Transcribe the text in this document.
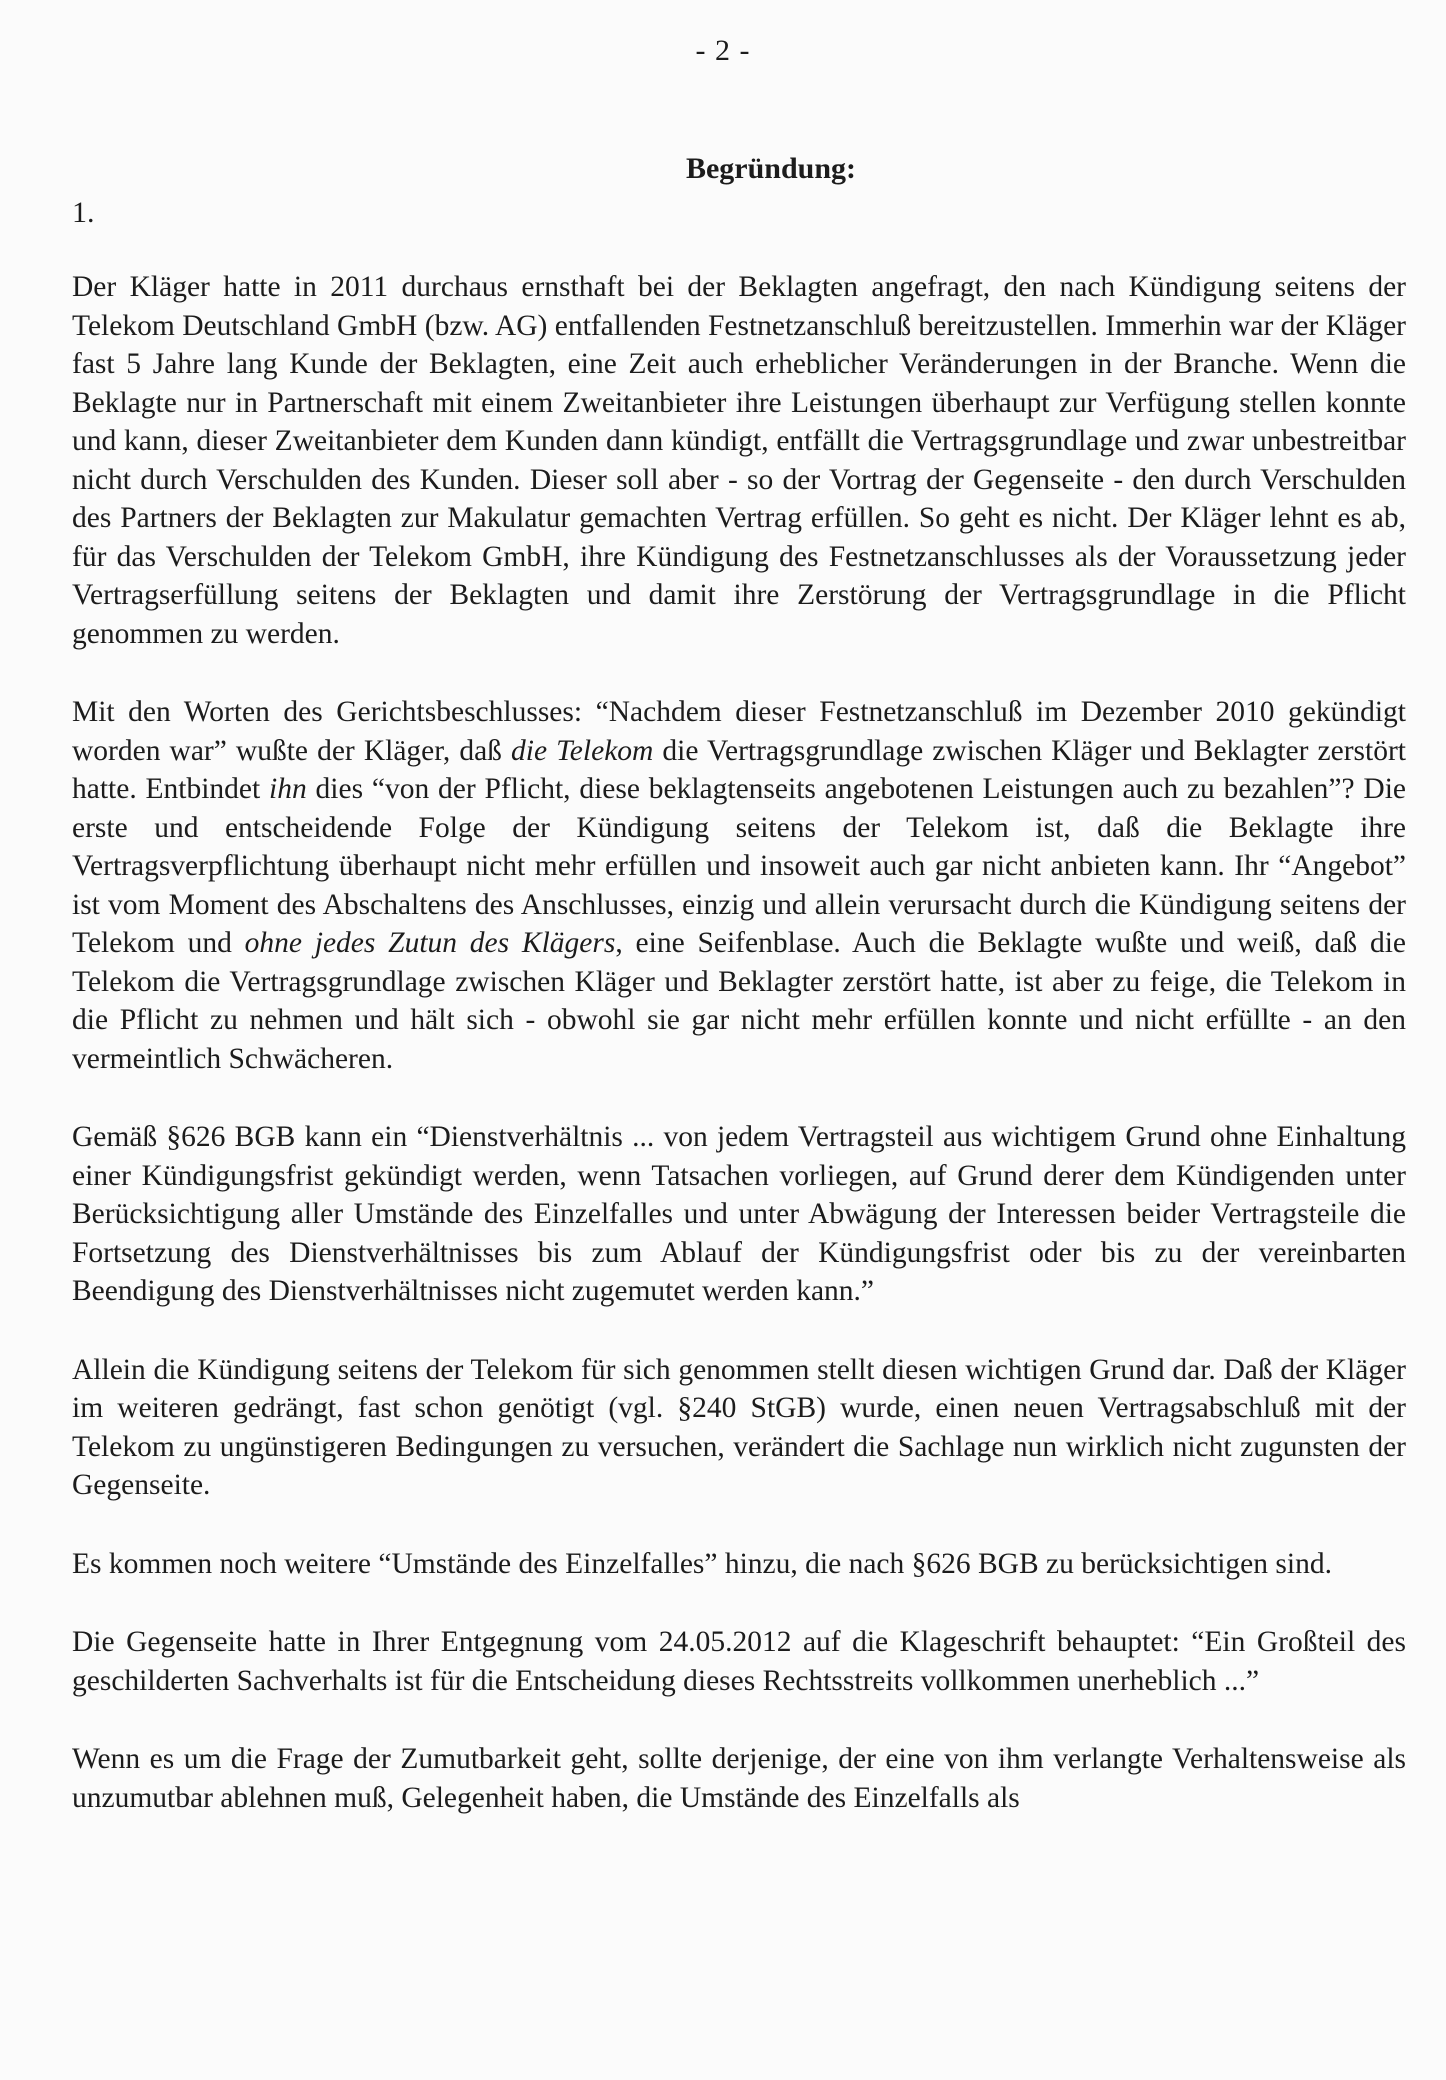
- 2 -
Begründung:
1.

Der Kläger hatte in 2011 durchaus ernsthaft bei der Beklagten angefragt, den nach Kündigung seitens der Telekom Deutschland GmbH (bzw. AG) entfallenden Festnetzanschluß bereitzustellen. Immerhin war der Kläger fast 5 Jahre lang Kunde der Beklagten, eine Zeit auch erheblicher Veränderungen in der Branche. Wenn die Beklagte nur in Partnerschaft mit einem Zweitanbieter ihre Leistungen überhaupt zur Verfügung stellen konnte und kann, dieser Zweitanbieter dem Kunden dann kündigt, entfällt die Vertragsgrundlage und zwar unbestreitbar nicht durch Verschulden des Kunden. Dieser soll aber - so der Vortrag der Gegenseite - den durch Verschulden des Partners der Beklagten zur Makulatur gemachten Vertrag erfüllen. So geht es nicht. Der Kläger lehnt es ab, für das Verschulden der Telekom GmbH, ihre Kündigung des Festnetzanschlusses als der Voraussetzung jeder Vertragserfüllung seitens der Beklagten und damit ihre Zerstörung der Vertragsgrundlage in die Pflicht genommen zu werden.

Mit den Worten des Gerichtsbeschlusses: “Nachdem dieser Festnetzanschluß im Dezember 2010 gekündigt worden war” wußte der Kläger, daß die Telekom die Vertragsgrundlage zwischen Kläger und Beklagter zerstört hatte. Entbindet ihn dies “von der Pflicht, diese beklagtenseits angebotenen Leistungen auch zu bezahlen”? Die erste und entscheidende Folge der Kündigung seitens der Telekom ist, daß die Beklagte ihre Vertragsverpflichtung überhaupt nicht mehr erfüllen und insoweit auch gar nicht anbieten kann. Ihr “Angebot” ist vom Moment des Abschaltens des Anschlusses, einzig und allein verursacht durch die Kündigung seitens der Telekom und ohne jedes Zutun des Klägers, eine Seifenblase. Auch die Beklagte wußte und weiß, daß die Telekom die Vertragsgrundlage zwischen Kläger und Beklagter zerstört hatte, ist aber zu feige, die Telekom in die Pflicht zu nehmen und hält sich - obwohl sie gar nicht mehr erfüllen konnte und nicht erfüllte - an den vermeintlich Schwächeren.

Gemäß §626 BGB kann ein “Dienstverhältnis ... von jedem Vertragsteil aus wichtigem Grund ohne Einhaltung einer Kündigungsfrist gekündigt werden, wenn Tatsachen vorliegen, auf Grund derer dem Kündigenden unter Berücksichtigung aller Umstände des Einzelfalles und unter Abwägung der Interessen beider Vertragsteile die Fortsetzung des Dienstverhältnisses bis zum Ablauf der Kündigungsfrist oder bis zu der vereinbarten Beendigung des Dienstverhältnisses nicht zugemutet werden kann.”

Allein die Kündigung seitens der Telekom für sich genommen stellt diesen wichtigen Grund dar. Daß der Kläger im weiteren gedrängt, fast schon genötigt (vgl. §240 StGB) wurde, einen neuen Vertragsabschluß mit der Telekom zu ungünstigeren Bedingungen zu versuchen, verändert die Sachlage nun wirklich nicht zugunsten der Gegenseite.

Es kommen noch weitere “Umstände des Einzelfalles” hinzu, die nach §626 BGB zu berücksichtigen sind.

Die Gegenseite hatte in Ihrer Entgegnung vom 24.05.2012 auf die Klageschrift behauptet: “Ein Großteil des geschilderten Sachverhalts ist für die Entscheidung dieses Rechtsstreits vollkommen unerheblich ...”

Wenn es um die Frage der Zumutbarkeit geht, sollte derjenige, der eine von ihm verlangte Verhaltensweise als unzumutbar ablehnen muß, Gelegenheit haben, die Umstände des Einzelfalls als
